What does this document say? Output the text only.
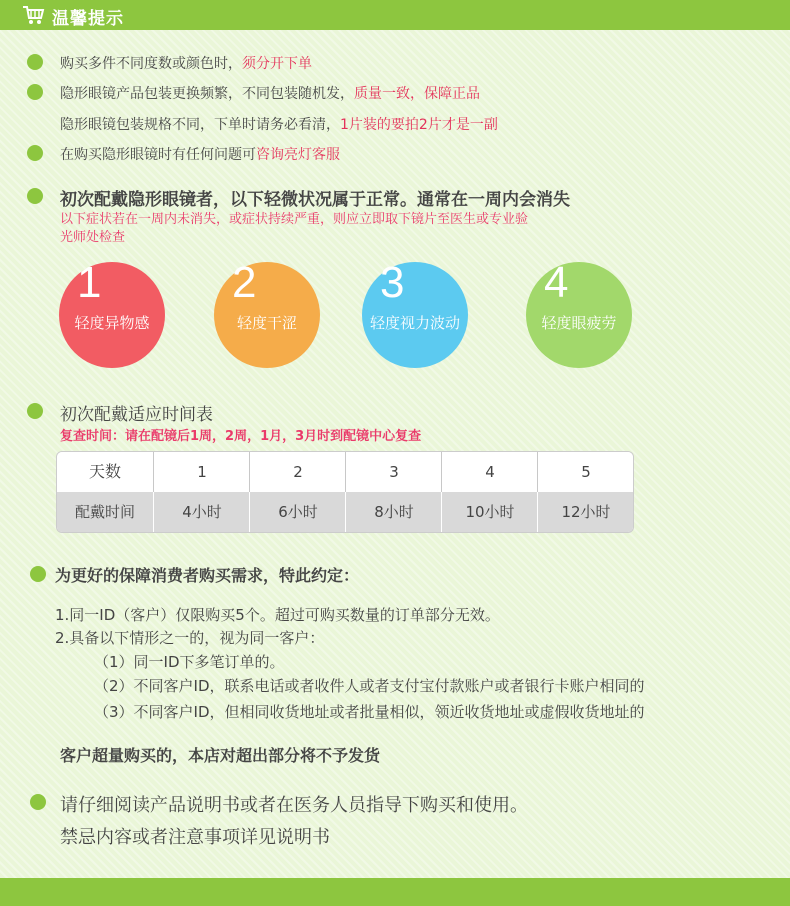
温馨提示
购买多件不同度数或颜色时，须分开下单
隐形眼镜产品包装更换频繁，不同包装随机发，质量一致，保障正品
隐形眼镜包装规格不同，下单时请务必看清，1片装的要拍2片才是一副
在购买隐形眼镜时有任何问题可咨询亮灯客服
初次配戴隐形眼镜者，以下轻微状况属于正常。通常在一周内会消失
以下症状若在一周内未消失，或症状持续严重，则应立即取下镜片至医生或专业验
光师处检查
1
轻度异物感
2
轻度干涩
3
轻度视力波动
4
轻度眼疲劳
初次配戴适应时间表
复查时间：请在配镜后1周，2周，1月，3月时到配镜中心复查
天数	1	2	3	4	5
配戴时间	4小时	6小时	8小时	10小时	12小时
为更好的保障消费者购买需求，特此约定：
1.同一ID（客户）仅限购买5个。超过可购买数量的订单部分无效。
2.具备以下情形之一的，视为同一客户：
（1）同一ID下多笔订单的。
（2）不同客户ID，联系电话或者收件人或者支付宝付款账户或者银行卡账户相同的
（3）不同客户ID，但相同收货地址或者批量相似，领近收货地址或虚假收货地址的
客户超量购买的，本店对超出部分将不予发货
请仔细阅读产品说明书或者在医务人员指导下购买和使用。
禁忌内容或者注意事项详见说明书
